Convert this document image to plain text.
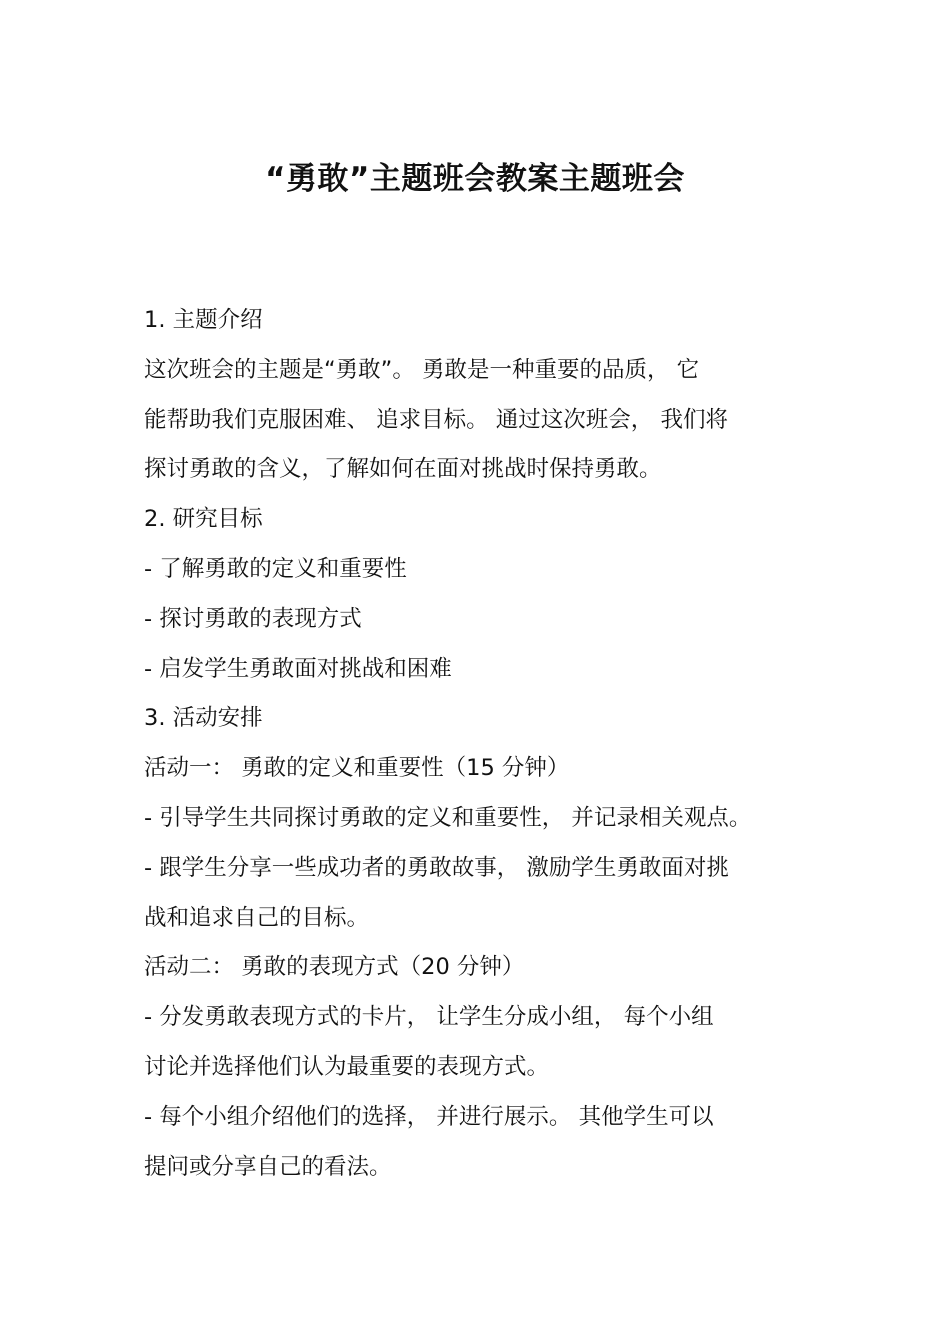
“勇敢”主题班会教案主题班会

1. 主题介绍

这次班会的主题是“勇敢”。 勇敢是一种重要的品质， 它

能帮助我们克服困难、 追求目标。 通过这次班会， 我们将

探讨勇敢的含义，了解如何在面对挑战时保持勇敢。

2. 研究目标

- 了解勇敢的定义和重要性

- 探讨勇敢的表现方式

- 启发学生勇敢面对挑战和困难

3. 活动安排

活动一： 勇敢的定义和重要性（15 分钟）

- 引导学生共同探讨勇敢的定义和重要性， 并记录相关观点。

- 跟学生分享一些成功者的勇敢故事， 激励学生勇敢面对挑

战和追求自己的目标。

活动二： 勇敢的表现方式（20 分钟）

- 分发勇敢表现方式的卡片， 让学生分成小组， 每个小组

讨论并选择他们认为最重要的表现方式。

- 每个小组介绍他们的选择， 并进行展示。 其他学生可以

提问或分享自己的看法。
